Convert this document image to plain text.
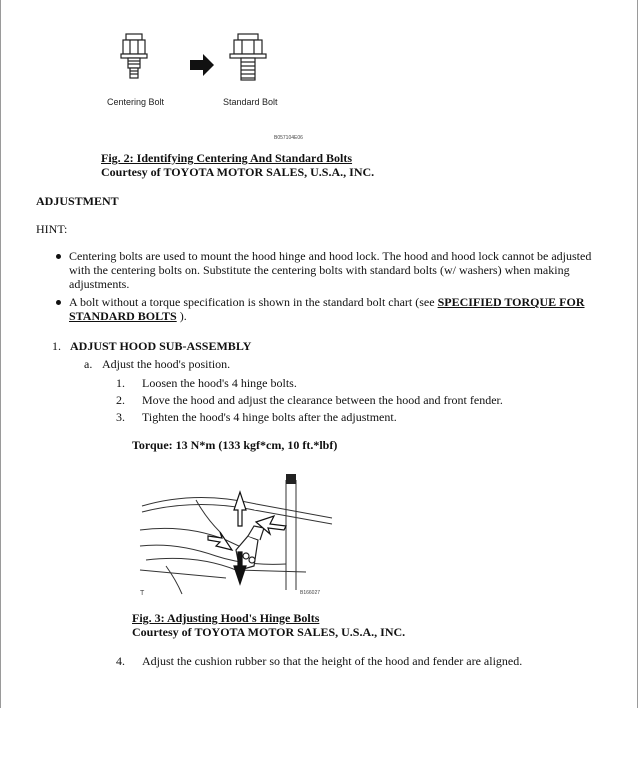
Centering Bolt	Standard Bolt
B057104E06
Fig. 2: Identifying Centering And Standard Bolts
Courtesy of TOYOTA MOTOR SALES, U.S.A., INC.
ADJUSTMENT
HINT:
Centering bolts are used to mount the hood hinge and hood lock. The hood and hood lock cannot be adjusted with the centering bolts on. Substitute the centering bolts with standard bolts (w/ washers) when making adjustments.
A bolt without a torque specification is shown in the standard bolt chart (see SPECIFIED TORQUE FOR STANDARD BOLTS ).
1. ADJUST HOOD SUB-ASSEMBLY
a. Adjust the hood's position.
1. Loosen the hood's 4 hinge bolts.
2. Move the hood and adjust the clearance between the hood and front fender.
3. Tighten the hood's 4 hinge bolts after the adjustment.
Torque: 13 N*m (133 kgf*cm, 10 ft.*lbf)
T	B166027
Fig. 3: Adjusting Hood's Hinge Bolts
Courtesy of TOYOTA MOTOR SALES, U.S.A., INC.
4. Adjust the cushion rubber so that the height of the hood and fender are aligned.
